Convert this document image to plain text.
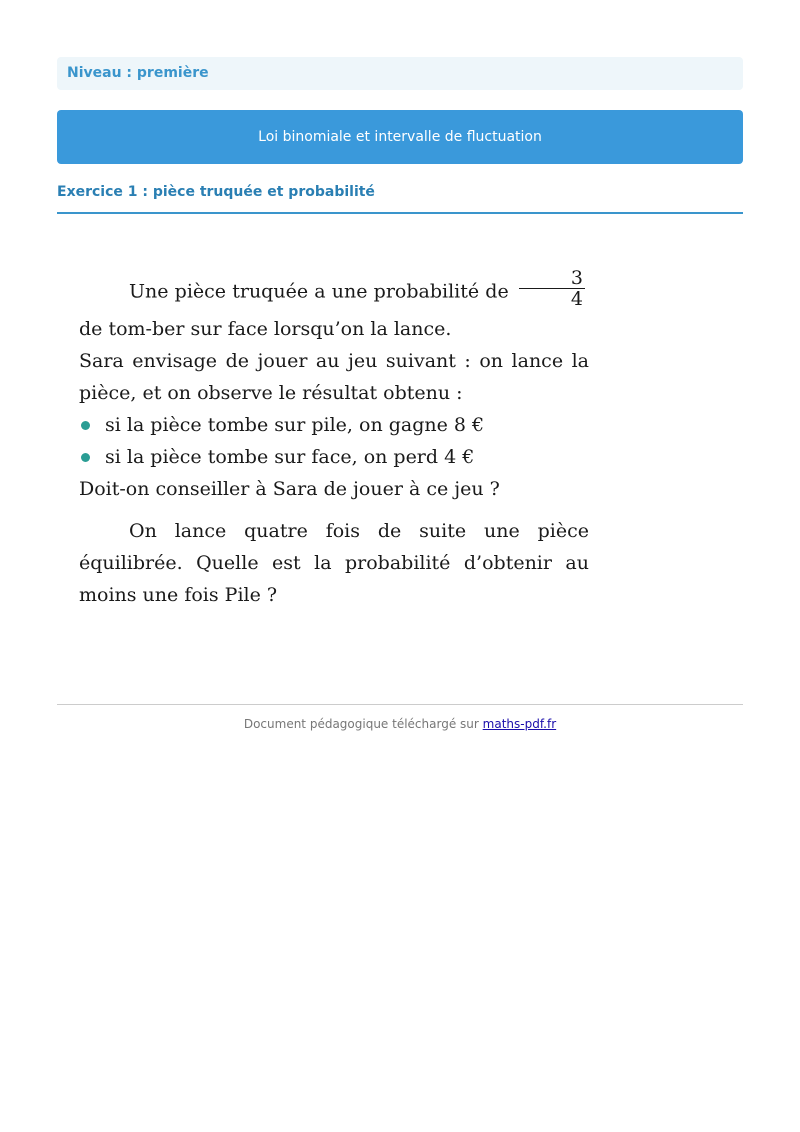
Niveau : première
Loi binomiale et intervalle de fluctuation
Exercice 1 : pièce truquée et probabilité

Une pièce truquée a une probabilité de $\frac{3}{4}$
de tom-ber sur face lorsqu’on la lance.

Sara envisage de jouer au jeu suivant : on lance la pièce, et on observe le résultat obtenu :

si la pièce tombe sur pile, on gagne 8 €
si la pièce tombe sur face, on perd 4 €

Doit-on conseiller à Sara de jouer à ce jeu ?

On lance quatre fois de suite une pièce équilibrée. Quelle est la probabilité d’obtenir au moins une fois Pile ?

Document pédagogique téléchargé sur maths-pdf.fr
